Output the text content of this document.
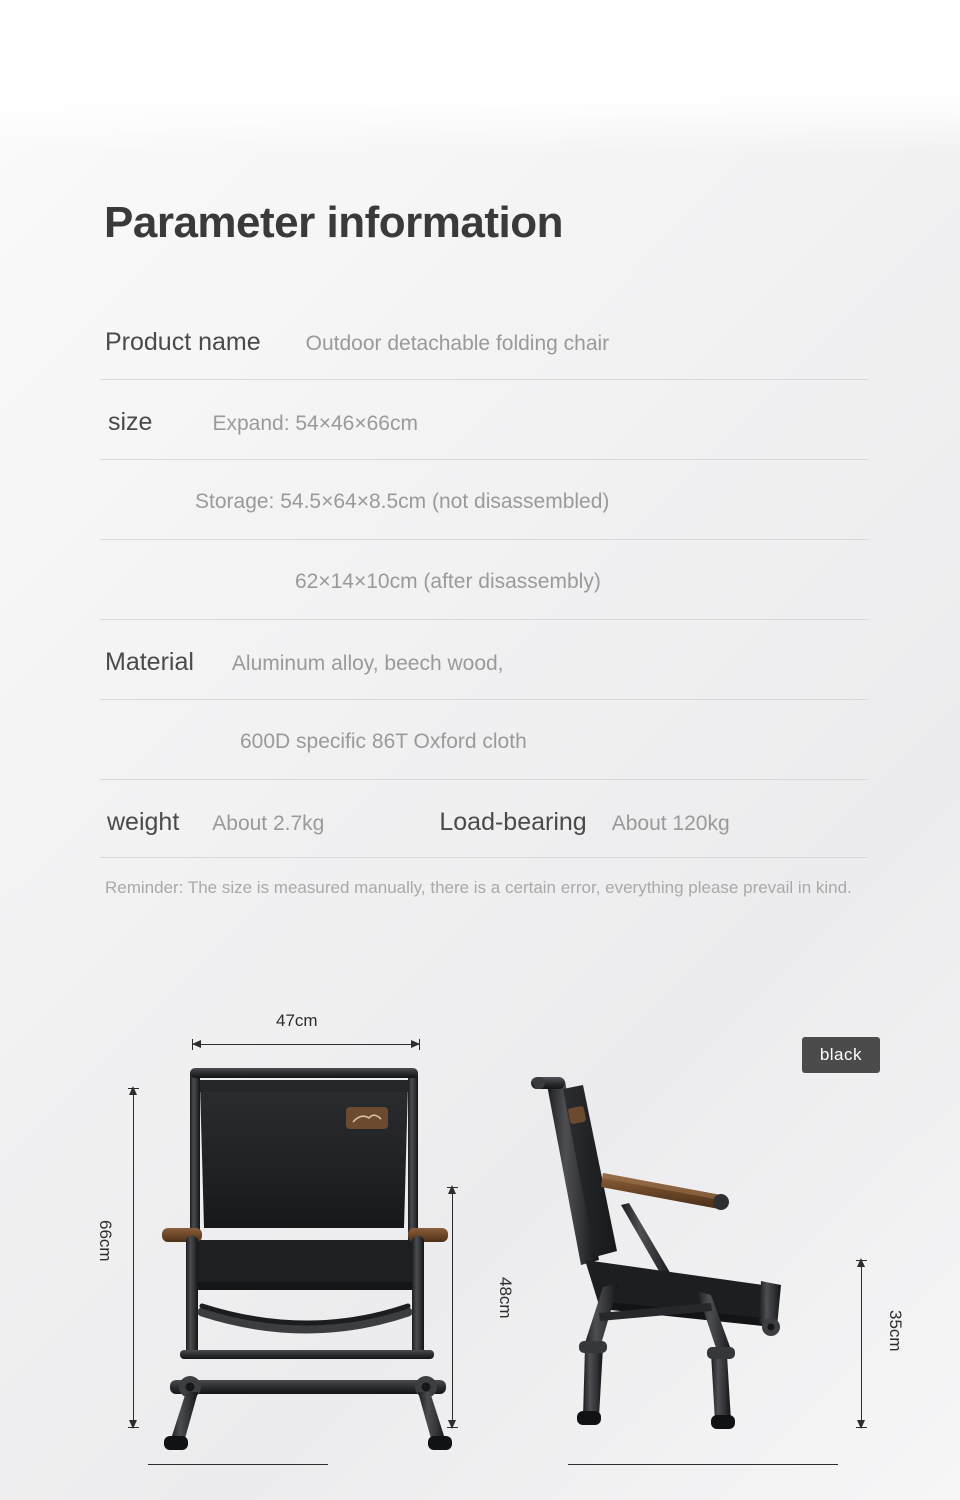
Parameter information
Product name Outdoor detachable folding chair
size	Expand: 54×46×66cm
Storage: 54.5×64×8.5cm (not disassembled)
62×14×10cm (after disassembly)
Material Aluminum alloy, beech wood,
600D specific 86T Oxford cloth
weight About 2.7kg	Load-bearing About 120kg
Reminder: The size is measured manually, there is a certain error, everything please prevail in kind.
black
47cm
66cm
48cm
35cm
